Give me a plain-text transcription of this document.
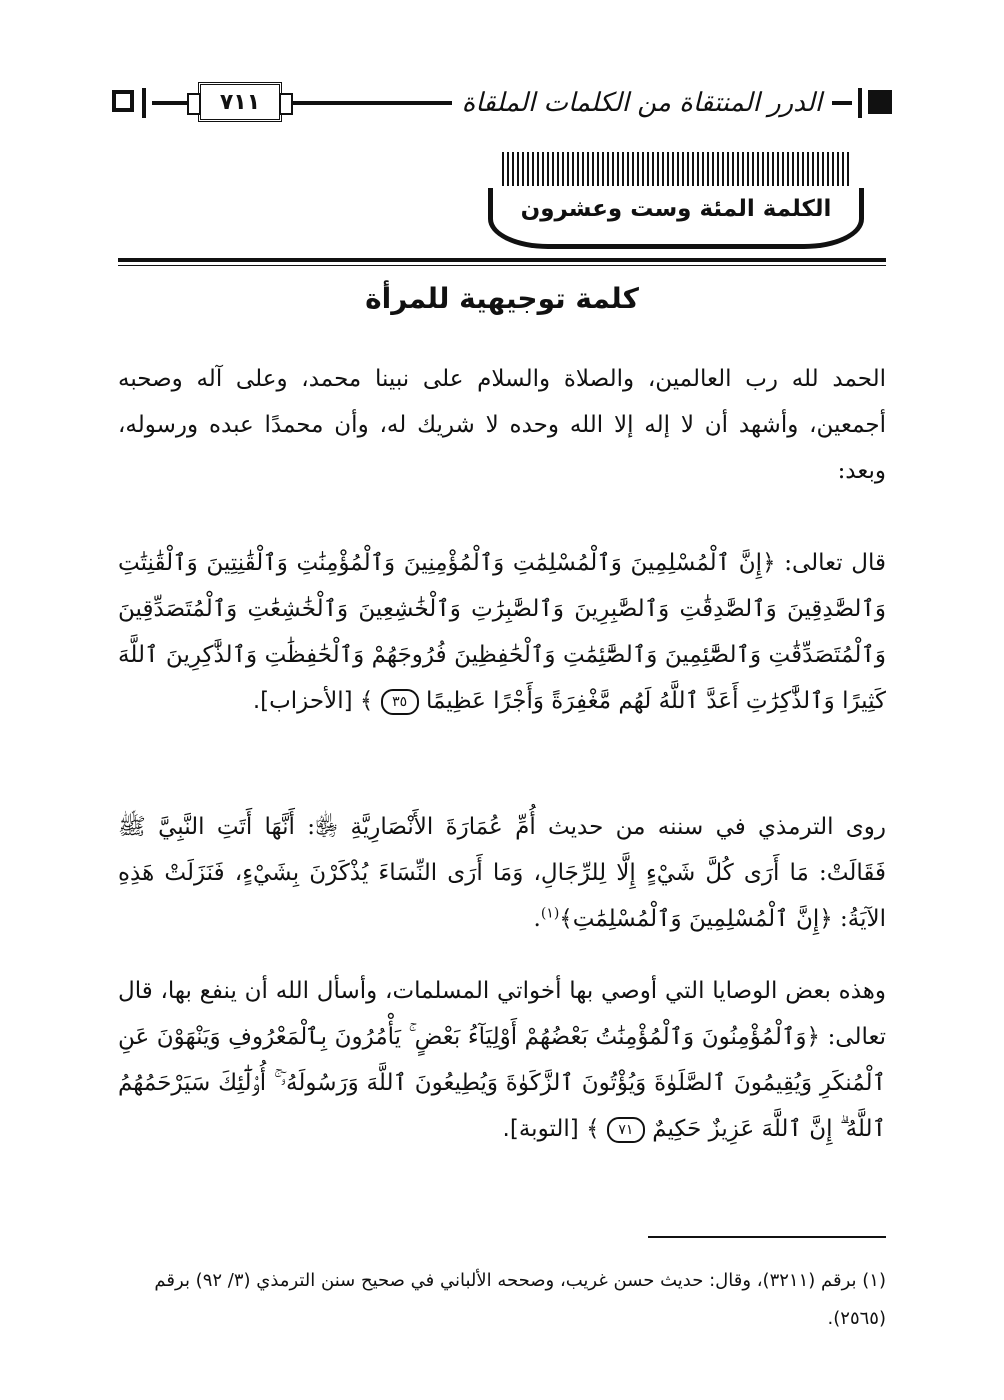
٧١١	الدرر المنتقاة من الكلمات الملقاة
الكلمة المئة وست وعشرون
كلمة توجيهية للمرأة

الحمد لله رب العالمين، والصلاة والسلام على نبينا محمد، وعلى آله وصحبه أجمعين، وأشهد أن لا إله إلا الله وحده لا شريك له، وأن محمدًا عبده ورسوله، وبعد:

قال تعالى: ﴿إِنَّ ٱلْمُسْلِمِينَ وَٱلْمُسْلِمَٰتِ وَٱلْمُؤْمِنِينَ وَٱلْمُؤْمِنَٰتِ وَٱلْقَٰنِتِينَ وَٱلْقَٰنِتَٰتِ وَٱلصَّٰدِقِينَ وَٱلصَّٰدِقَٰتِ وَٱلصَّٰبِرِينَ وَٱلصَّٰبِرَٰتِ وَٱلْخَٰشِعِينَ وَٱلْخَٰشِعَٰتِ وَٱلْمُتَصَدِّقِينَ وَٱلْمُتَصَدِّقَٰتِ وَٱلصَّٰٓئِمِينَ وَٱلصَّٰٓئِمَٰتِ وَٱلْحَٰفِظِينَ فُرُوجَهُمْ وَٱلْحَٰفِظَٰتِ وَٱلذَّٰكِرِينَ ٱللَّهَ كَثِيرًا وَٱلذَّٰكِرَٰتِ أَعَدَّ ٱللَّهُ لَهُم مَّغْفِرَةً وَأَجْرًا عَظِيمًا ٣٥ ﴾ [الأحزاب].

روى الترمذي في سننه من حديث أُمِّ عُمَارَةَ الأَنْصَارِيَّةِ ﵂: أَنَّهَا أَتَتِ النَّبِيَّ ﷺ فَقَالَتْ: مَا أَرَى كُلَّ شَيْءٍ إِلَّا لِلرِّجَالِ، وَمَا أَرَى النِّسَاءَ يُذْكَرْنَ بِشَيْءٍ، فَنَزَلَتْ هَذِهِ الآيَةُ: ﴿إِنَّ ٱلْمُسْلِمِينَ وَٱلْمُسْلِمَٰتِ﴾$^{(١)}$.

وهذه بعض الوصايا التي أوصي بها أخواتي المسلمات، وأسأل الله أن ينفع بها، قال تعالى: ﴿وَٱلْمُؤْمِنُونَ وَٱلْمُؤْمِنَٰتُ بَعْضُهُمْ أَوْلِيَآءُ بَعْضٍ ۚ يَأْمُرُونَ بِٱلْمَعْرُوفِ وَيَنْهَوْنَ عَنِ ٱلْمُنكَرِ وَيُقِيمُونَ ٱلصَّلَوٰةَ وَيُؤْتُونَ ٱلزَّكَوٰةَ وَيُطِيعُونَ ٱللَّهَ وَرَسُولَهُۥٓ ۚ أُو۟لَٰٓئِكَ سَيَرْحَمُهُمُ ٱللَّهُ ۗ إِنَّ ٱللَّهَ عَزِيزٌ حَكِيمٌ ٧١ ﴾ [التوبة].

(١) برقم (٣٢١١)، وقال: حديث حسن غريب، وصححه الألباني في صحيح سنن الترمذي (٣/ ٩٢) برقم (٢٥٦٥).
